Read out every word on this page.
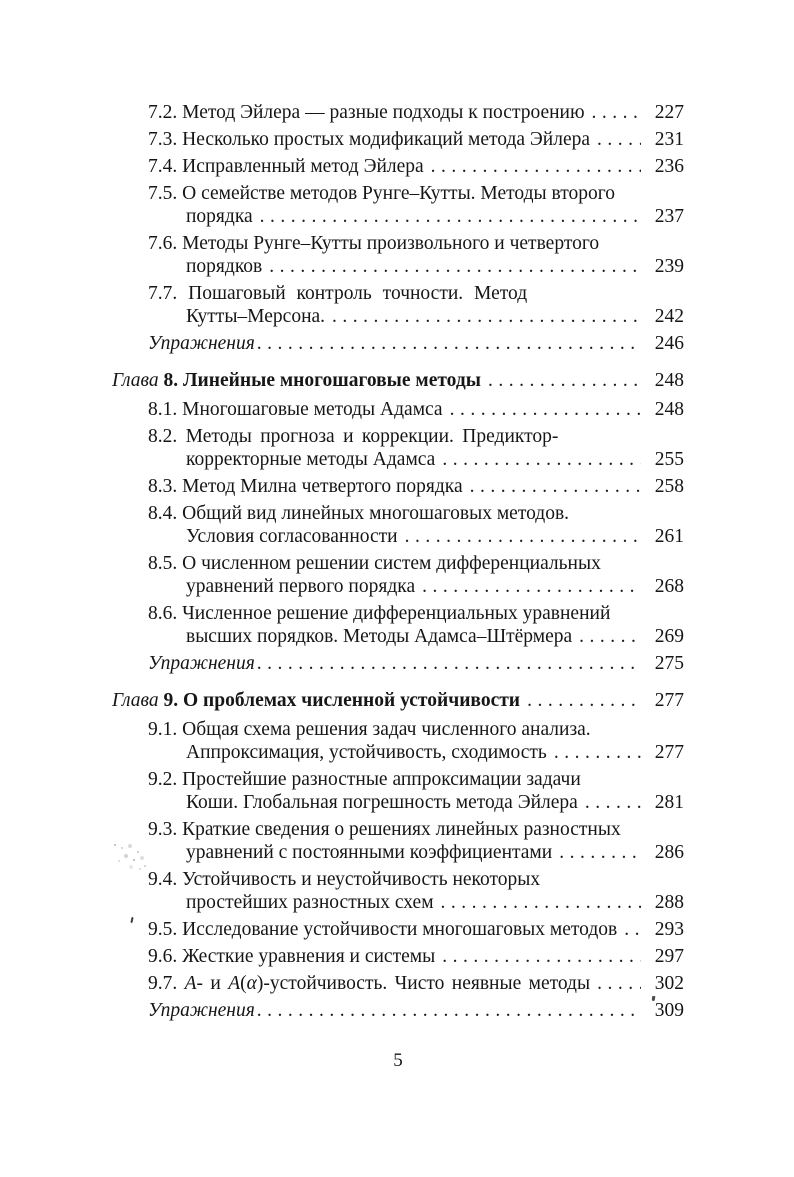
7.2. Метод Эйлера — разные подходы к построению .....	227
7.3. Несколько простых модификаций метода Эйлера .....	231
7.4. Исправленный метод Эйлера .....	236
7.5. О семействе методов Рунге–Кутты. Методы второго
порядка .....	237
7.6. Методы Рунге–Кутты произвольного и четвертого
порядков .....	239
7.7. Пошаговый контроль точности. Метод
Кутты–Мерсона. .....	242
Упражнения .....	246
Глава 8. Линейные многошаговые методы .....	248
8.1. Многошаговые методы Адамса .....	248
8.2. Методы прогноза и коррекции. Предиктор-
корректорные методы Адамса .....	255
8.3. Метод Милна четвертого порядка .....	258
8.4. Общий вид линейных многошаговых методов.
Условия согласованности .....	261
8.5. О численном решении систем дифференциальных
уравнений первого порядка .....	268
8.6. Численное решение дифференциальных уравнений
высших порядков. Методы Адамса–Штёрмера .....	269
Упражнения .....	275
Глава 9. О проблемах численной устойчивости .....	277
9.1. Общая схема решения задач численного анализа.
Аппроксимация, устойчивость, сходимость .....	277
9.2. Простейшие разностные аппроксимации задачи
Коши. Глобальная погрешность метода Эйлера .....	281
9.3. Краткие сведения о решениях линейных разностных
уравнений с постоянными коэффициентами .....	286
9.4. Устойчивость и неустойчивость некоторых
простейших разностных схем .....	288
9.5. Исследование устойчивости многошаговых методов .....	293
9.6. Жесткие уравнения и системы .....	297
9.7. A- и A(α)-устойчивость. Чисто неявные методы .....	302
Упражнения .....	309
5
